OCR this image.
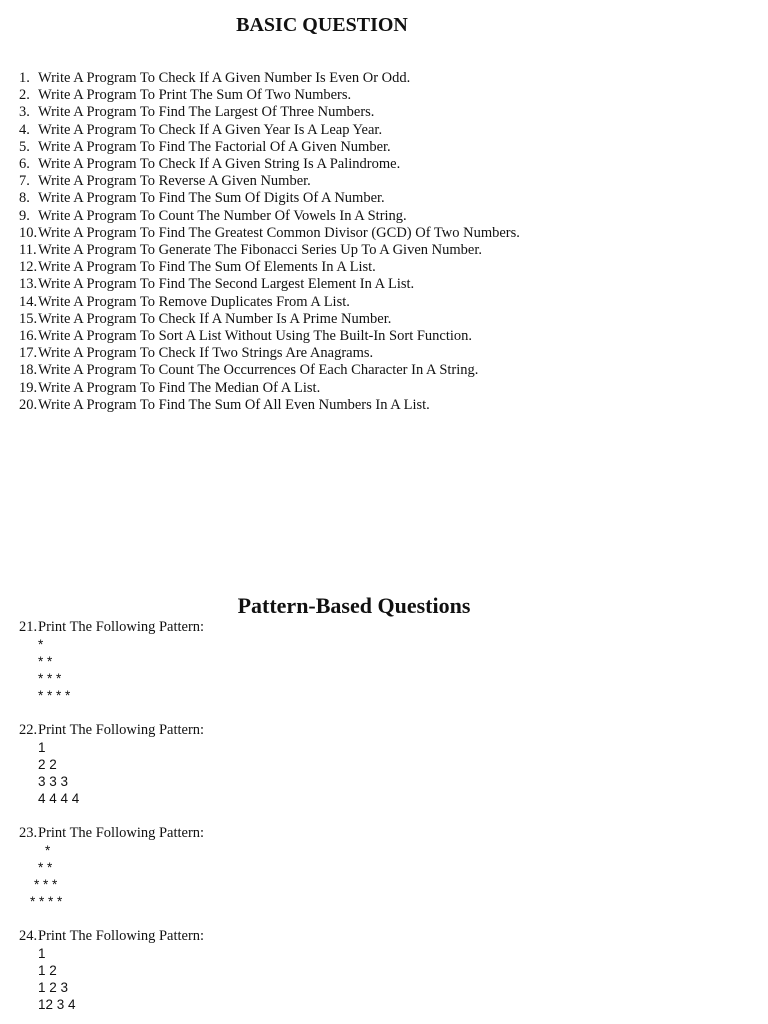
BASIC QUESTION
1. Write A Program To Check If A Given Number Is Even Or Odd.
2. Write A Program To Print The Sum Of Two Numbers.
3. Write A Program To Find The Largest Of Three Numbers.
4. Write A Program To Check If A Given Year Is A Leap Year.
5. Write A Program To Find The Factorial Of A Given Number.
6. Write A Program To Check If A Given String Is A Palindrome.
7. Write A Program To Reverse A Given Number.
8. Write A Program To Find The Sum Of Digits Of A Number.
9. Write A Program To Count The Number Of Vowels In A String.
10. Write A Program To Find The Greatest Common Divisor (GCD) Of Two Numbers.
11. Write A Program To Generate The Fibonacci Series Up To A Given Number.
12. Write A Program To Find The Sum Of Elements In A List.
13. Write A Program To Find The Second Largest Element In A List.
14. Write A Program To Remove Duplicates From A List.
15. Write A Program To Check If A Number Is A Prime Number.
16. Write A Program To Sort A List Without Using The Built-In Sort Function.
17. Write A Program To Check If Two Strings Are Anagrams.
18. Write A Program To Count The Occurrences Of Each Character In A String.
19. Write A Program To Find The Median Of A List.
20. Write A Program To Find The Sum Of All Even Numbers In A List.
Pattern-Based Questions
21. Print The Following Pattern:
*
* *
* * *
* * * *
22. Print The Following Pattern:
1
2 2
3 3 3
4 4 4 4
23. Print The Following Pattern:
*
* *
* * *
* * * *
24. Print The Following Pattern:
1
1 2
1 2 3
12 3 4
